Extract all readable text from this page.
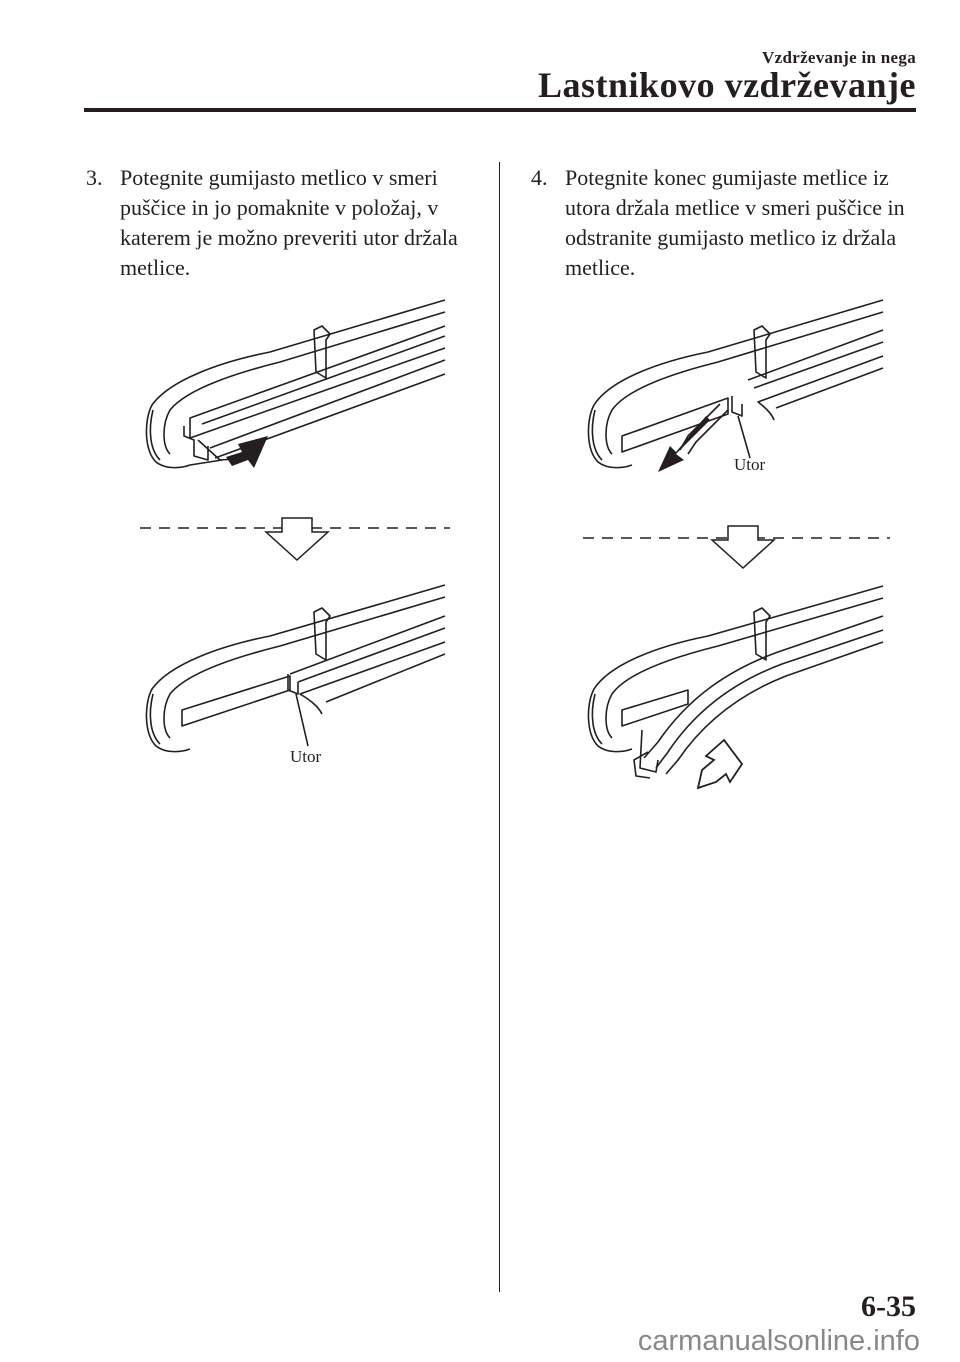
Vzdrževanje in nega
Lastnikovo vzdrževanje
3. Potegnite gumijasto metlico v smeri puščice in jo pomaknite v položaj, v katerem je možno preveriti utor držala metlice.
4. Potegnite konec gumijaste metlice iz utora držala metlice v smeri puščice in odstranite gumijasto metlico iz držala metlice.
Utor
Utor
6-35
carmanualsonline.info
